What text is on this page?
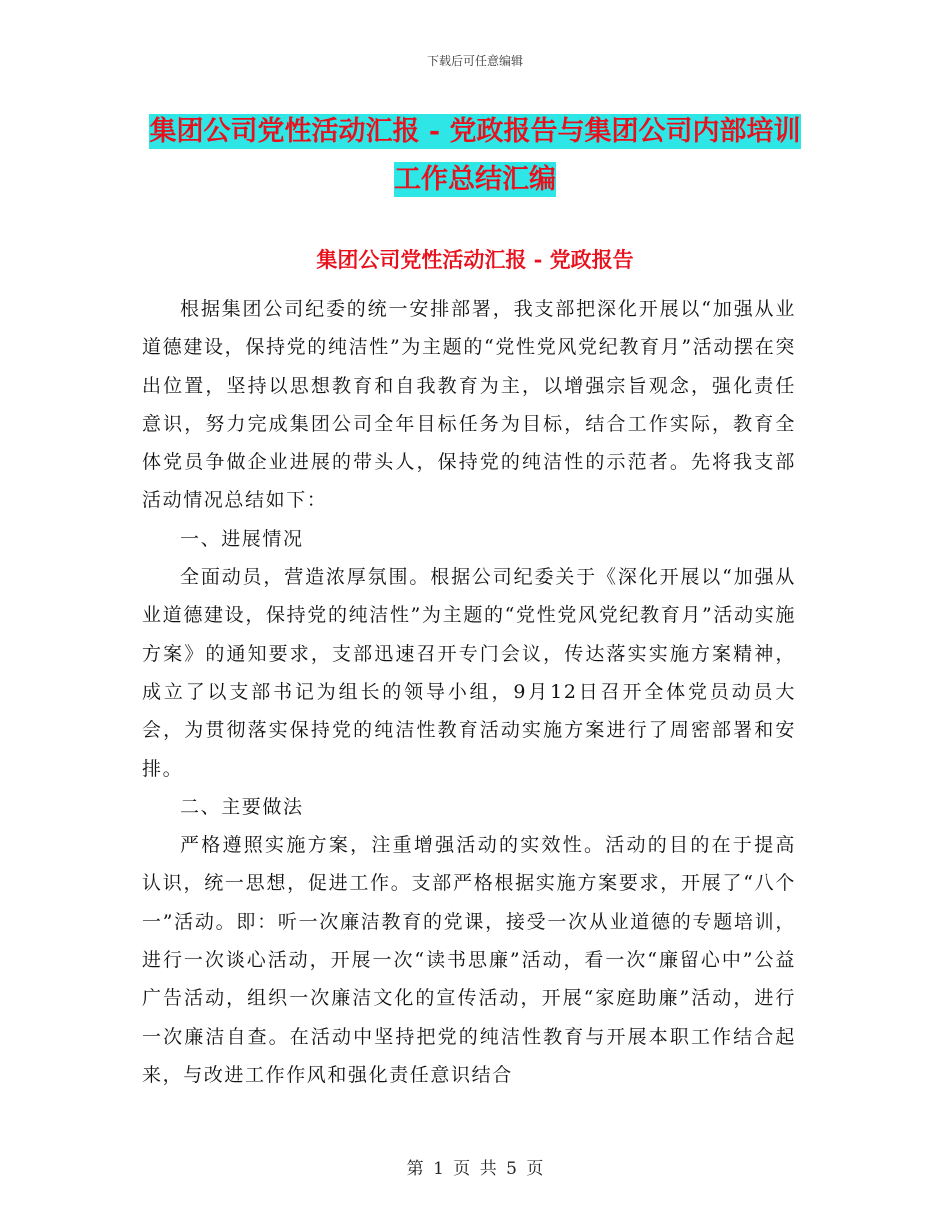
下载后可任意编辑
集团公司党性活动汇报 - 党政报告与集团公司内部培训工作总结汇编
集团公司党性活动汇报 - 党政报告

根据集团公司纪委的统一安排部署，我支部把深化开展以“加强从业道德建设，保持党的纯洁性”为主题的“党性党风党纪教育月”活动摆在突出位置，坚持以思想教育和自我教育为主，以增强宗旨观念，强化责任意识，努力完成集团公司全年目标任务为目标，结合工作实际，教育全体党员争做企业进展的带头人，保持党的纯洁性的示范者。先将我支部活动情况总结如下：

一、进展情况

全面动员，营造浓厚氛围。根据公司纪委关于《深化开展以“加强从业道德建设，保持党的纯洁性”为主题的“党性党风党纪教育月”活动实施方案》的通知要求，支部迅速召开专门会议，传达落实实施方案精神，成立了以支部书记为组长的领导小组，9月12日召开全体党员动员大会，为贯彻落实保持党的纯洁性教育活动实施方案进行了周密部署和安排。

二、主要做法

严格遵照实施方案，注重增强活动的实效性。活动的目的在于提高认识，统一思想，促进工作。支部严格根据实施方案要求，开展了“八个一”活动。即：听一次廉洁教育的党课，接受一次从业道德的专题培训，进行一次谈心活动，开展一次“读书思廉”活动，看一次“廉留心中”公益广告活动，组织一次廉洁文化的宣传活动，开展“家庭助廉”活动，进行一次廉洁自查。在活动中坚持把党的纯洁性教育与开展本职工作结合起来，与改进工作作风和强化责任意识结合

第 1 页 共 5 页
